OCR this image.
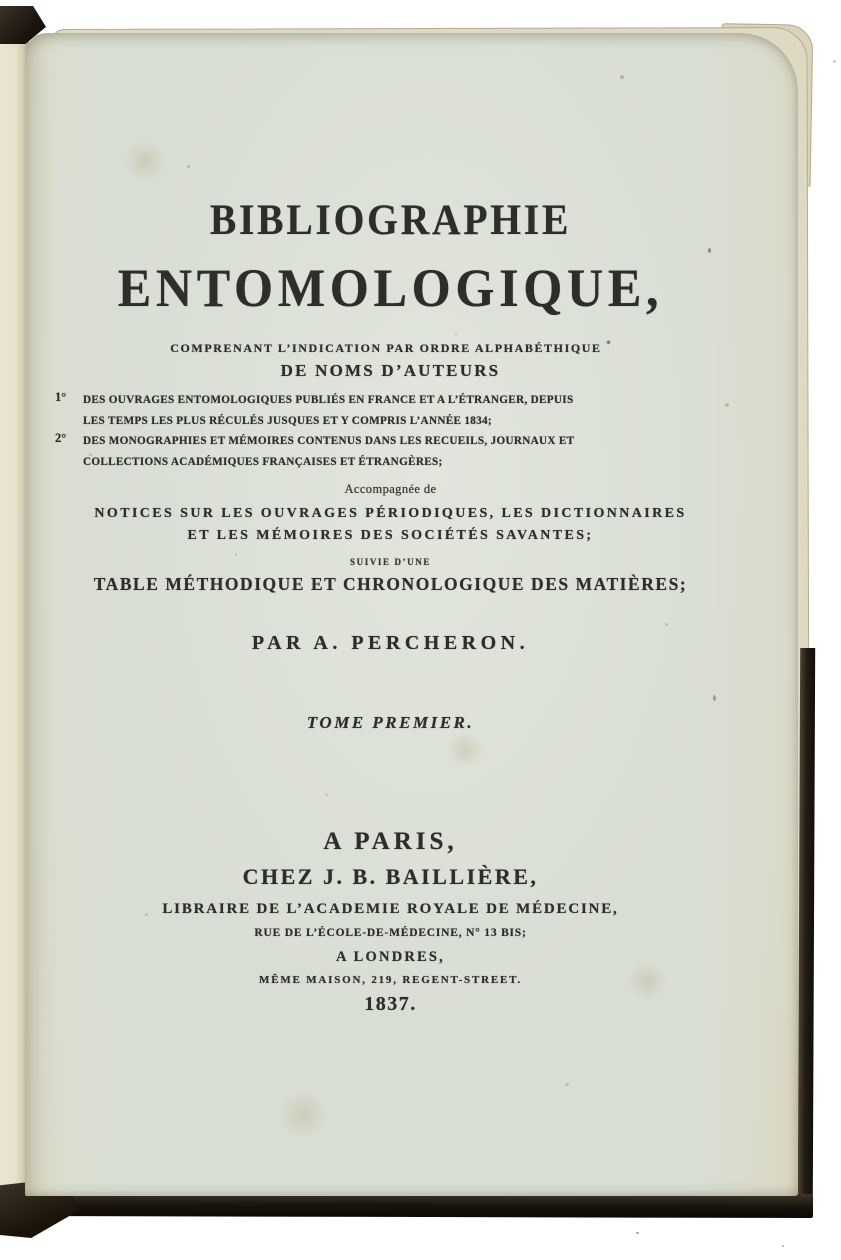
BIBLIOGRAPHIE
ENTOMOLOGIQUE,
COMPRENANT L’INDICATION PAR ORDRE ALPHABÉTHIQUE *
DE NOMS D’AUTEURS
1°	DES OUVRAGES ENTOMOLOGIQUES PUBLIÉS EN FRANCE ET A L’ÉTRANGER, DEPUIS
LES TEMPS LES PLUS RÉCULÉS JUSQUES ET Y COMPRIS L’ANNÉE 1834;
2°	DES MONOGRAPHIES ET MÉMOIRES CONTENUS DANS LES RECUEILS, JOURNAUX ET
COLLECTIONS ACADÉMIQUES FRANÇAISES ET ÉTRANGÈRES;
Accompagnée de
NOTICES SUR LES OUVRAGES PÉRIODIQUES, LES DICTIONNAIRES
ET LES MÉMOIRES DES SOCIÉTÉS SAVANTES;
SUIVIE D’UNE
TABLE MÉTHODIQUE ET CHRONOLOGIQUE DES MATIÈRES;
PAR A. PERCHERON.
TOME PREMIER.
A PARIS,
CHEZ J. B. BAILLIÈRE,
LIBRAIRE DE L’ACADEMIE ROYALE DE MÉDECINE,
RUE DE L’ÉCOLE-DE-MÉDECINE, N° 13 BIS;
A LONDRES,
MÊME MAISON, 219, REGENT-STREET.
1837.
